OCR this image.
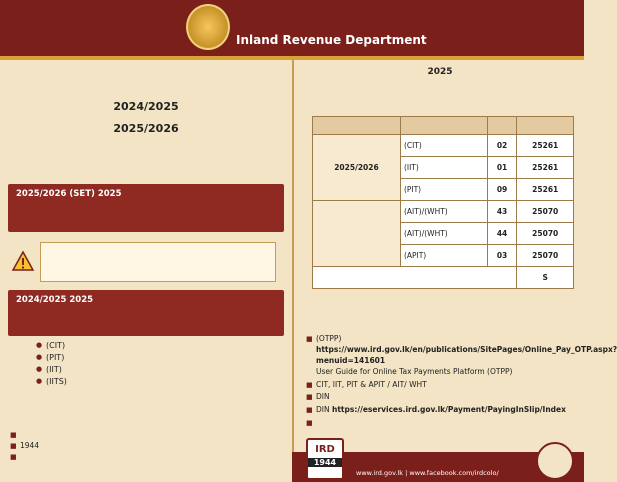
Inland Revenue Department
2024/2025
2025/2026
2025/2026 (SET) 2025
2024/2025 2025
● (CIT)
● (PIT)
● (IIT)
● (IITS)
■
■ 1944
■
2025

2025/2026	(CIT)	02	25261
	(IIT)	01	25261
	(PIT)	09	25261
	(AIT)/(WHT)	43	25070
	(AIT)/(WHT)	44	25070
	(APIT)	03	25070
			S
■ (OTPP)
https://www.ird.gov.lk/en/publications/SitePages/Online_Pay_OTP.aspx?menuid=141601
User Guide for Online Tax Payments Platform (OTPP)
■ CIT, IIT, PIT & APIT / AIT/ WHT
■ DIN
■ DIN https://eservices.ird.gov.lk/Payment/PayingInSlip/Index
IRD
1944
www.ird.gov.lk | www.facebook.com/irdcolo/
